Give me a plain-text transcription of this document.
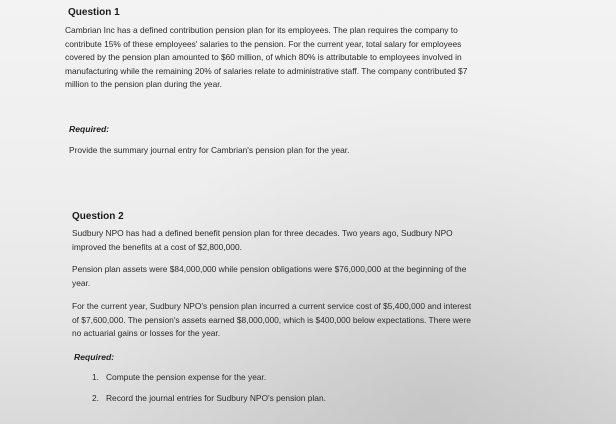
Question 1
Cambrian Inc has a defined contribution pension plan for its employees. The plan requires the company to contribute 15% of these employees' salaries to the pension. For the current year, total salary for employees covered by the pension plan amounted to $60 million, of which 80% is attributable to employees involved in manufacturing while the remaining 20% of salaries relate to administrative staff. The company contributed $7 million to the pension plan during the year.
Required:
Provide the summary journal entry for Cambrian's pension plan for the year.
Question 2
Sudbury NPO has had a defined benefit pension plan for three decades. Two years ago, Sudbury NPO improved the benefits at a cost of $2,800,000.
Pension plan assets were $84,000,000 while pension obligations were $76,000,000 at the beginning of the year.
For the current year, Sudbury NPO's pension plan incurred a current service cost of $5,400,000 and interest of $7,600,000. The pension's assets earned $8,000,000, which is $400,000 below expectations. There were no actuarial gains or losses for the year.
Required:
1. Compute the pension expense for the year.
2. Record the journal entries for Sudbury NPO's pension plan.
